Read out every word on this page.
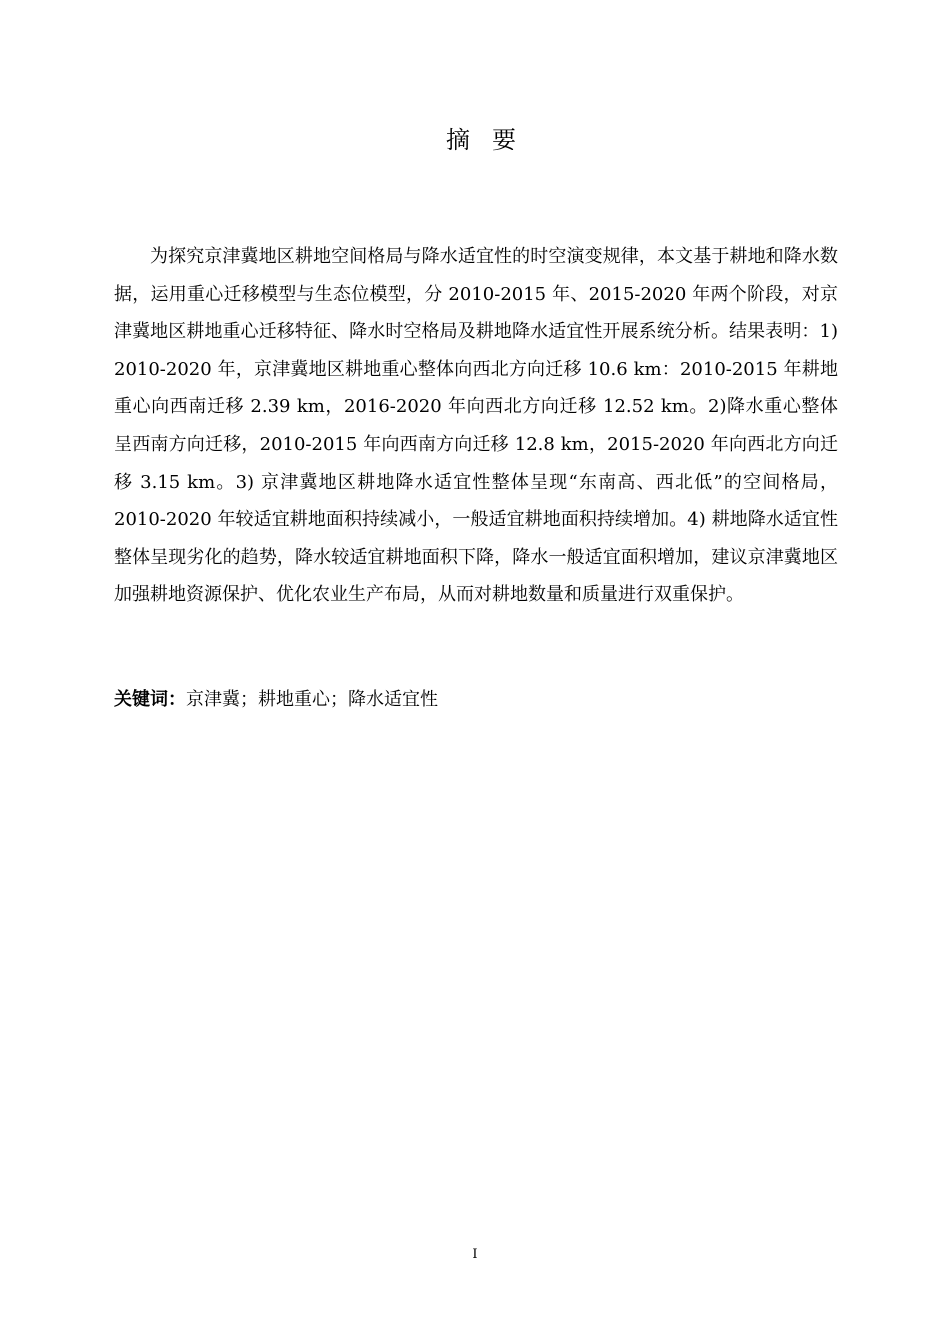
摘要

为探究京津冀地区耕地空间格局与降水适宜性的时空演变规律，本文基于耕地和降水数据，运用重心迁移模型与生态位模型，分 2010-2015 年、2015-2020 年两个阶段，对京津冀地区耕地重心迁移特征、降水时空格局及耕地降水适宜性开展系统分析。结果表明：1) 2010-2020 年，京津冀地区耕地重心整体向西北方向迁移 10.6 km：2010-2015 年耕地重心向西南迁移 2.39 km，2016-2020 年向西北方向迁移 12.52 km。2)降水重心整体呈西南方向迁移，2010-2015 年向西南方向迁移 12.8 km，2015-2020 年向西北方向迁移 3.15 km。3) 京津冀地区耕地降水适宜性整体呈现“东南高、西北低”的空间格局，2010-2020 年较适宜耕地面积持续减小，一般适宜耕地面积持续增加。4) 耕地降水适宜性整体呈现劣化的趋势，降水较适宜耕地面积下降，降水一般适宜面积增加，建议京津冀地区加强耕地资源保护、优化农业生产布局，从而对耕地数量和质量进行双重保护。

关键词：京津冀；耕地重心；降水适宜性

I
